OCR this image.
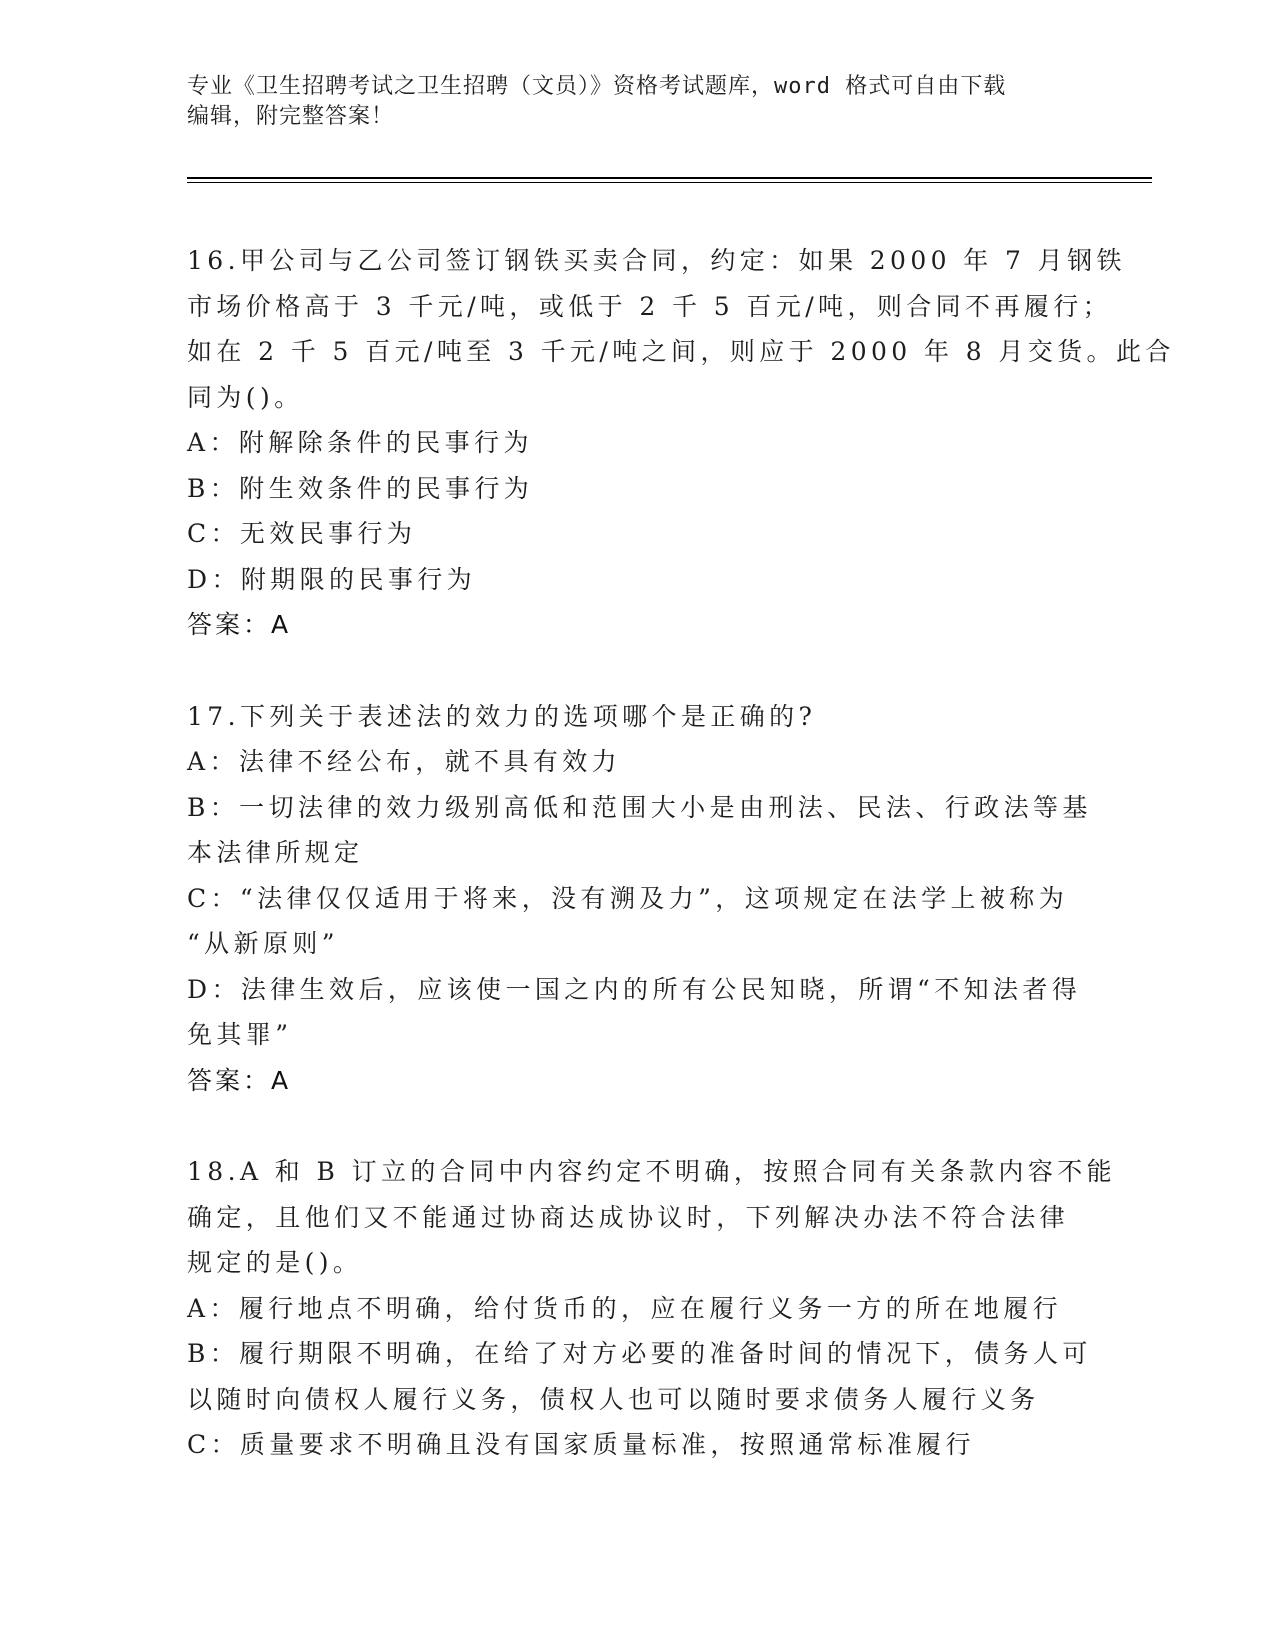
专业《卫生招聘考试之卫生招聘（文员）》资格考试题库，word 格式可自由下载

编辑，附完整答案！

16.甲公司与乙公司签订钢铁买卖合同，约定：如果 2000 年 7 月钢铁

市场价格高于 3 千元/吨，或低于 2 千 5 百元/吨，则合同不再履行；

如在 2 千 5 百元/吨至 3 千元/吨之间，则应于 2000 年 8 月交货。此合

同为()。

A：附解除条件的民事行为

B：附生效条件的民事行为

C：无效民事行为

D：附期限的民事行为

答案：A

17.下列关于表述法的效力的选项哪个是正确的?

A：法律不经公布，就不具有效力

B：一切法律的效力级别高低和范围大小是由刑法、民法、行政法等基

本法律所规定

C：“法律仅仅适用于将来，没有溯及力”，这项规定在法学上被称为

“从新原则”

D：法律生效后，应该使一国之内的所有公民知晓，所谓“不知法者得

免其罪”

答案：A

18.A 和 B 订立的合同中内容约定不明确，按照合同有关条款内容不能

确定，且他们又不能通过协商达成协议时，下列解决办法不符合法律

规定的是()。

A：履行地点不明确，给付货币的，应在履行义务一方的所在地履行

B：履行期限不明确，在给了对方必要的准备时间的情况下，债务人可

以随时向债权人履行义务，债权人也可以随时要求债务人履行义务

C：质量要求不明确且没有国家质量标准，按照通常标准履行
